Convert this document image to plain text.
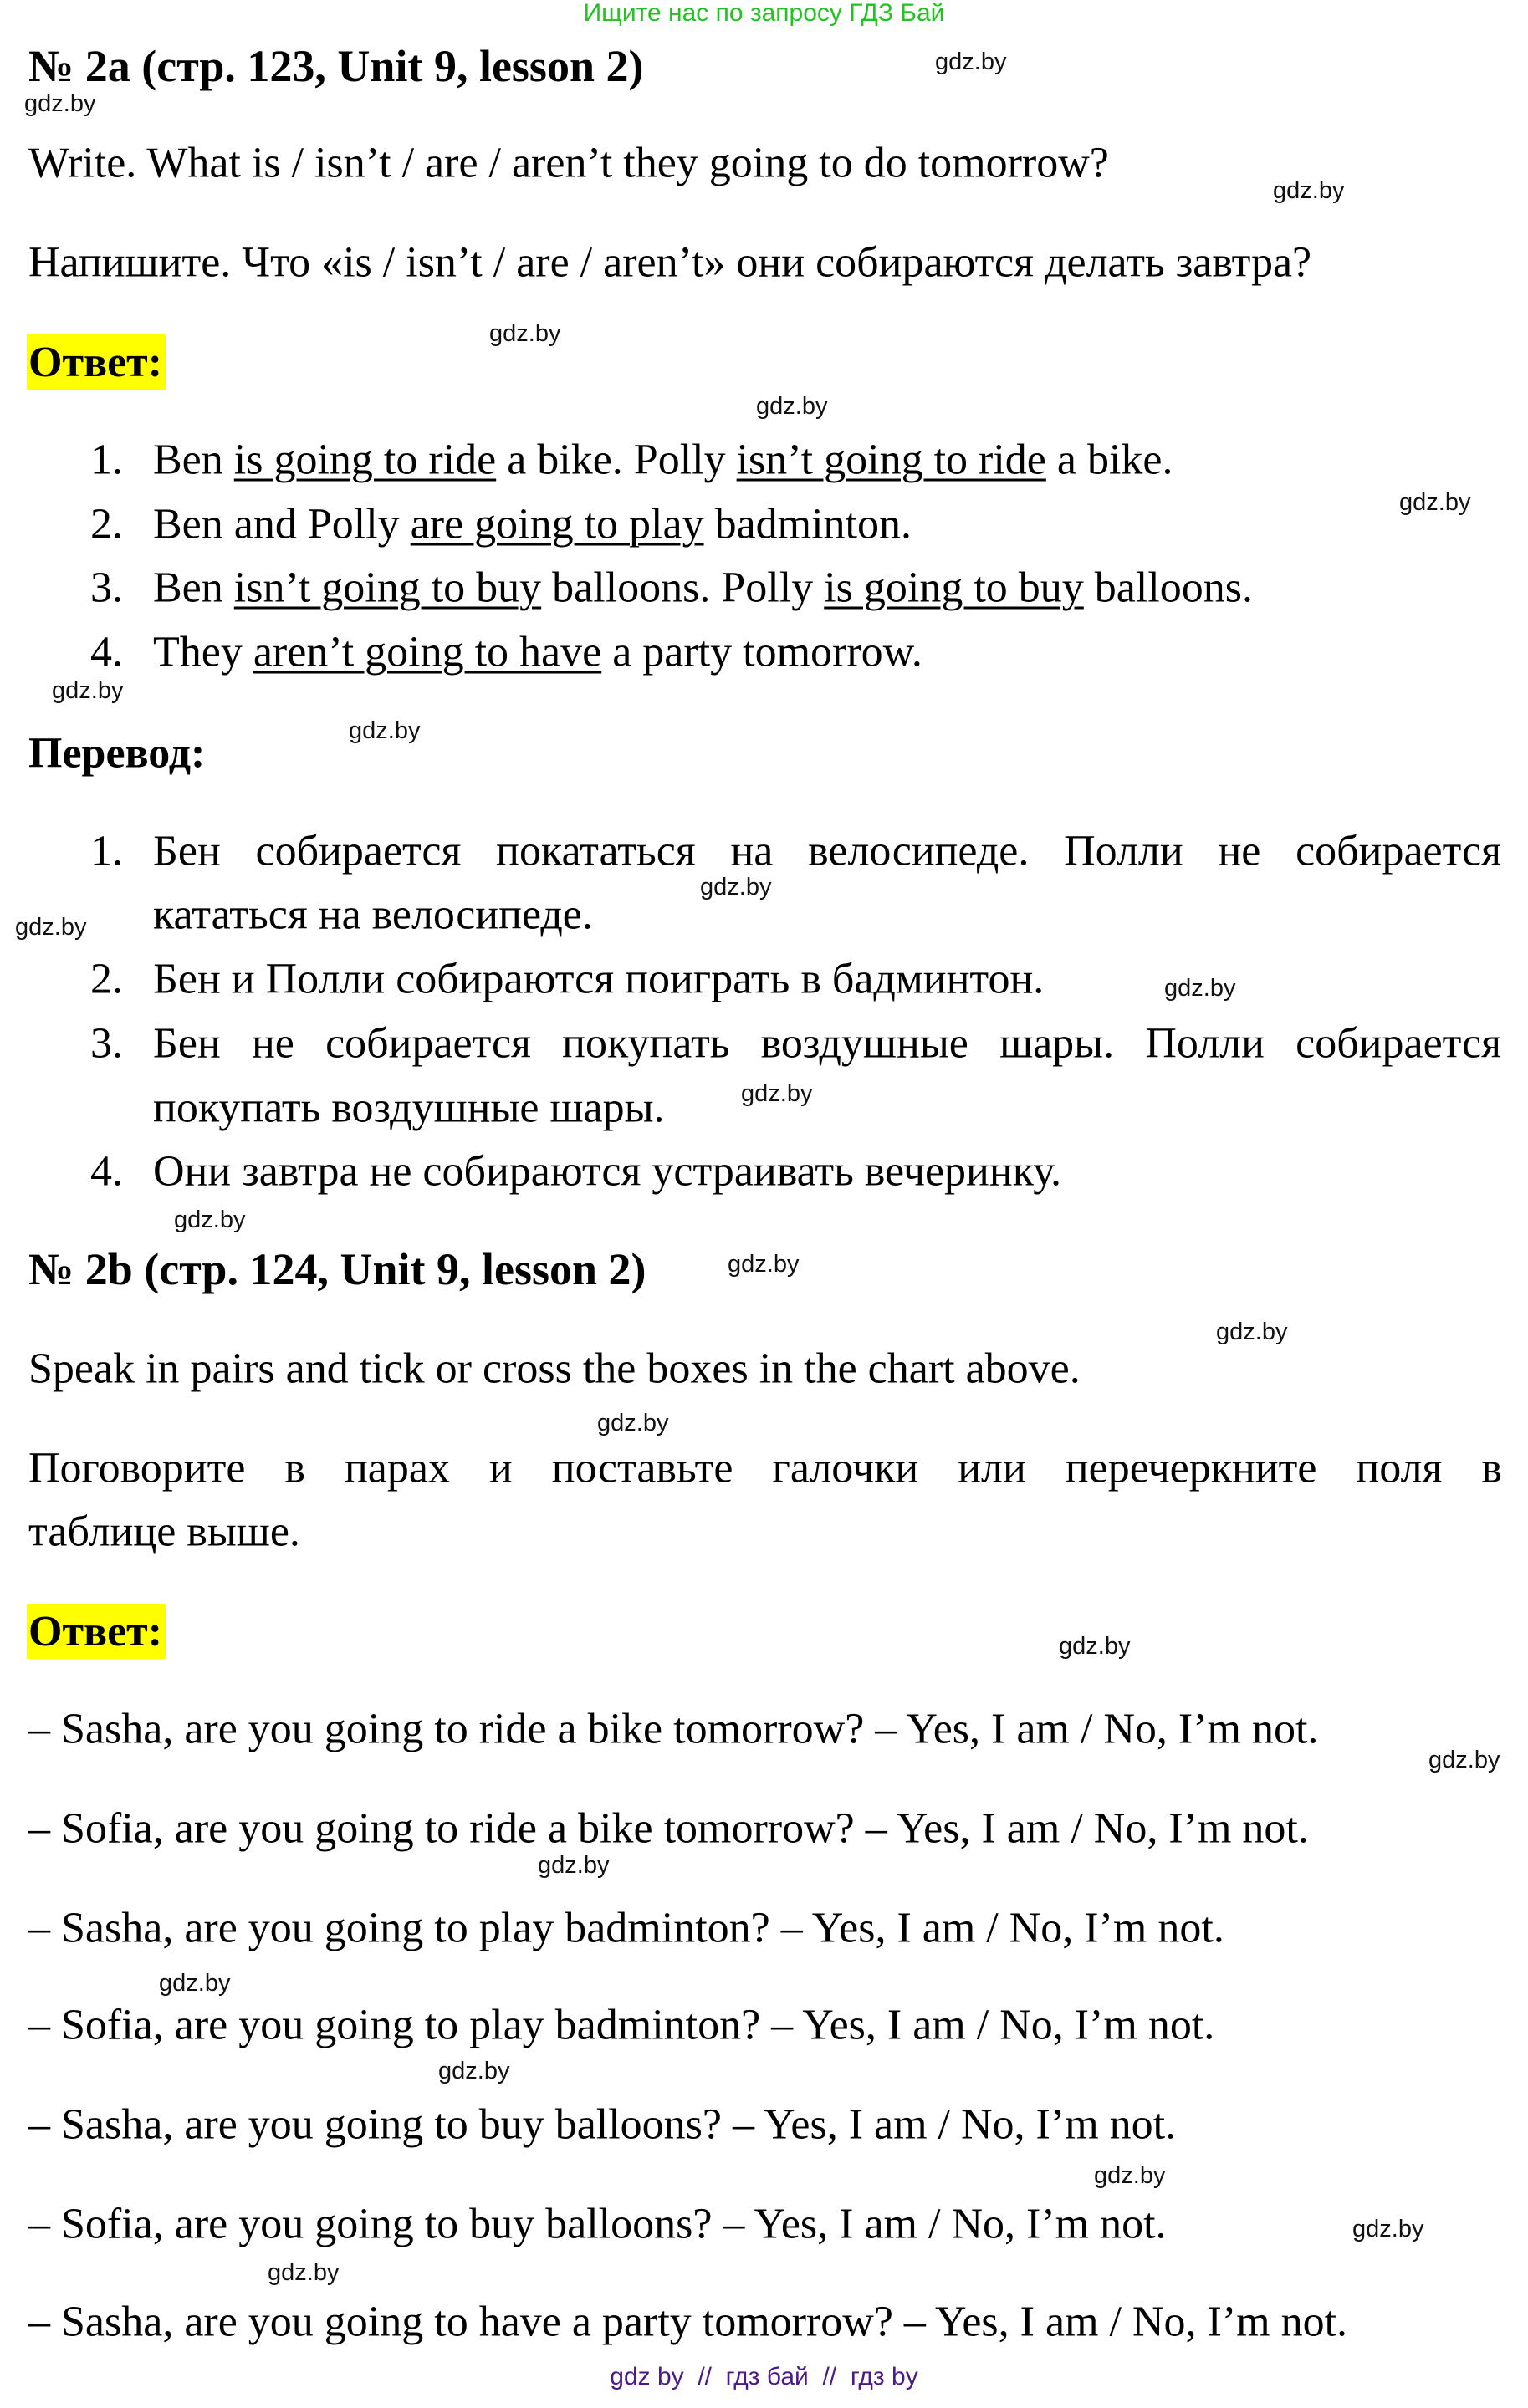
Ищите нас по запросу ГДЗ Бай
№ 2a (стр. 123, Unit 9, lesson 2)
Write. What is / isn’t / are / aren’t they going to do tomorrow?
Напишите. Что «is / isn’t / are / aren’t» они собираются делать завтра?
Ответ:
1. Ben is going to ride a bike. Polly isn’t going to ride a bike.
2. Ben and Polly are going to play badminton.
3. Ben isn’t going to buy balloons. Polly is going to buy balloons.
4. They aren’t going to have a party tomorrow.
Перевод:
1. Бен собирается покататься на велосипеде. Полли не собирается
кататься на велосипеде.
2. Бен и Полли собираются поиграть в бадминтон.
3. Бен не собирается покупать воздушные шары. Полли собирается
покупать воздушные шары.
4. Они завтра не собираются устраивать вечеринку.
№ 2b (стр. 124, Unit 9, lesson 2)
Speak in pairs and tick or cross the boxes in the chart above.
Поговорите в парах и поставьте галочки или перечеркните поля в
таблице выше.
Ответ:
– Sasha, are you going to ride a bike tomorrow? – Yes, I am / No, I’m not.
– Sofia, are you going to ride a bike tomorrow? – Yes, I am / No, I’m not.
– Sasha, are you going to play badminton? – Yes, I am / No, I’m not.
– Sofia, are you going to play badminton? – Yes, I am / No, I’m not.
– Sasha, are you going to buy balloons? – Yes, I am / No, I’m not.
– Sofia, are you going to buy balloons? – Yes, I am / No, I’m not.
– Sasha, are you going to have a party tomorrow? – Yes, I am / No, I’m not.
gdz.by
gdz.by
gdz.by
gdz.by
gdz.by
gdz.by
gdz.by
gdz.by
gdz.by
gdz.by
gdz.by
gdz.by
gdz.by
gdz.by
gdz.by
gdz.by
gdz.by
gdz.by
gdz.by
gdz.by
gdz.by
gdz.by
gdz.by
gdz.by
gdz by  //  гдз бай  //  гдз by
